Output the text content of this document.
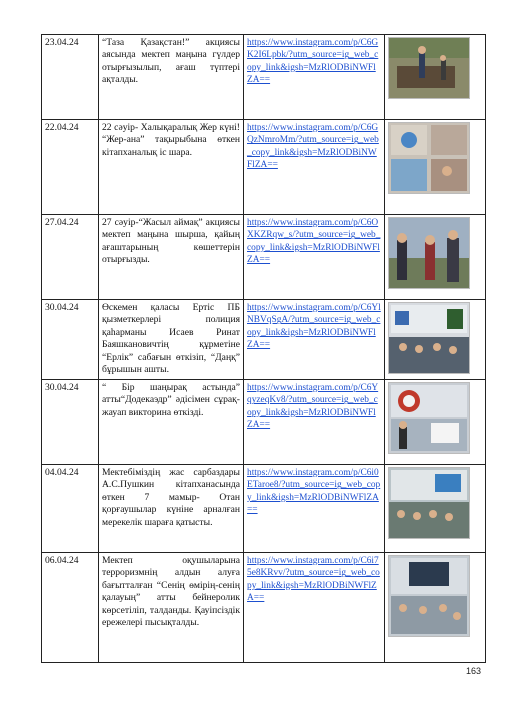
23.04.24	“Таза Қазақстан!” акциясы аясында мектеп маңына гүлдер отырғызылып, ағаш түптері ақталды.	https://www.instagram.com/p/C6GK2I6Lpbk/?utm_source=ig_web_copy_link&igsh=MzRlODBiNWFlZA==

22.04.24	22 сәуір- Халықаралық Жер күні! “Жер-ана” тақырыбына өткен кітапханалық іс шара.	https://www.instagram.com/p/C6GQzNmroMm/?utm_source=ig_web_copy_link&igsh=MzRlODBiNWFlZA==

27.04.24	27 сәуір-“Жасыл аймақ” акциясы мектеп маңына шырша, қайың ағаштарының көшеттерін отырғызды.	https://www.instagram.com/p/C6OXKZRqw_s/?utm_source=ig_web_copy_link&igsh=MzRlODBiNWFlZA==

30.04.24	Өскемен қаласы Ертіс ПБ қызметкерлері полиция қаһарманы Исаев Ринат Баяшкановичтің құрметіне “Ерлік” сабағын өткізіп, “Даңқ” бұрышын ашты.	https://www.instagram.com/p/C6YlNBVqSgA/?utm_source=ig_web_copy_link&igsh=MzRlODBiNWFlZA==

30.04.24	“ Бір шаңырақ астында” атты“Додекаэдр” әдісімен сұрақ-жауап викторина өткізді.	https://www.instagram.com/p/C6YqyzeqKv8/?utm_source=ig_web_copy_link&igsh=MzRlODBiNWFlZA==

04.04.24	Мектебіміздің жас сарбаздары А.С.Пушкин кітапханасында өткен 7 мамыр- Отан қорғаушылар күніне арналған мерекелік шараға қатысты.	https://www.instagram.com/p/C6i0ETaroe8/?utm_source=ig_web_copy_link&igsh=MzRlODBiNWFlZA==

06.04.24	Мектеп оқушыларына терроризмнің алдын алуға бағытталған “Сенің өмірің-сенің қалауың” атты бейнеролик көрсетіліп, талданды. Қауіпсіздік ережелері пысықталды.	https://www.instagram.com/p/C6i75e8KRvv/?utm_source=ig_web_copy_link&igsh=MzRlODBiNWFlZA==

163
